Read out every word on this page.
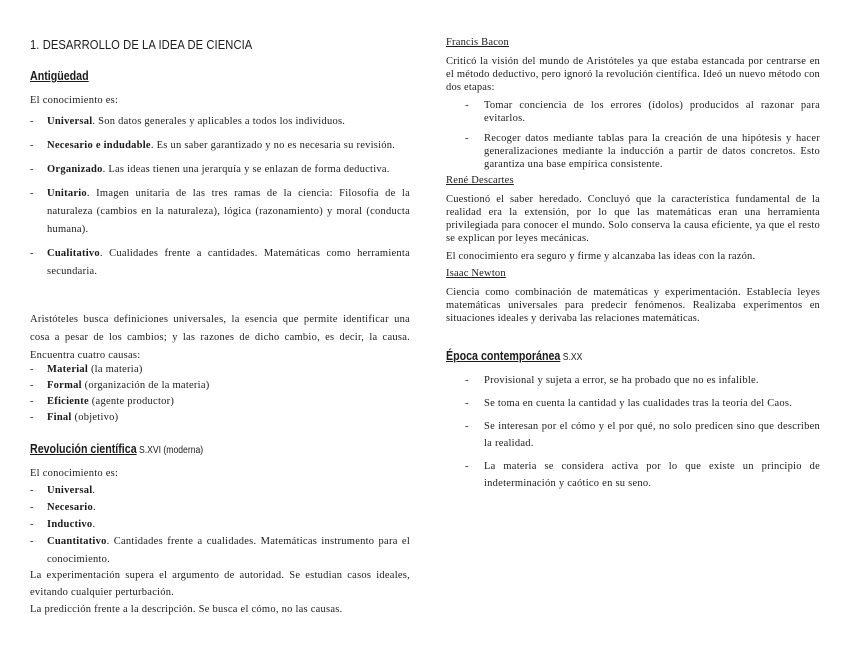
1. DESARROLLO DE LA IDEA DE CIENCIA
Antigüedad

El conocimiento es:

- Universal. Son datos generales y aplicables a todos los individuos.
- Necesario e indudable. Es un saber garantizado y no es necesaria su revisión.
- Organizado. Las ideas tienen una jerarquía y se enlazan de forma deductiva.
- Unitario. Imagen unitaria de las tres ramas de la ciencia: Filosofía de la naturaleza (cambios en la naturaleza), lógica (razonamiento) y moral (conducta humana).
- Cualitativo. Cualidades frente a cantidades. Matemáticas como herramienta secundaria.

Aristóteles busca definiciones universales, la esencia que permite identificar una cosa a pesar de los cambios; y las razones de dicho cambio, es decir, la causa. Encuentra cuatro causas:

- Material (la materia)
- Formal (organización de la materia)
- Eficiente (agente productor)
- Final (objetivo)
Revolución científica S.XVI (moderna)

El conocimiento es:

- Universal.
- Necesario.
- Inductivo.
- Cuantitativo. Cantidades frente a cualidades. Matemáticas instrumento para el conocimiento.

La experimentación supera el argumento de autoridad. Se estudian casos ideales, evitando cualquier perturbación.

La predicción frente a la descripción. Se busca el cómo, no las causas.

Francis Bacon

Criticó la visión del mundo de Aristóteles ya que estaba estancada por centrarse en el método deductivo, pero ignoró la revolución científica. Ideó un nuevo método con dos etapas:

- Tomar conciencia de los errores (ídolos) producidos al razonar para evitarlos.
- Recoger datos mediante tablas para la creación de una hipótesis y hacer generalizaciones mediante la inducción a partir de datos concretos. Esto garantiza una base empírica consistente.

René Descartes

Cuestionó el saber heredado. Concluyó que la característica fundamental de la realidad era la extensión, por lo que las matemáticas eran una herramienta privilegiada para conocer el mundo. Solo conserva la causa eficiente, ya que el resto se explican por leyes mecánicas.

El conocimiento era seguro y firme y alcanzaba las ideas con la razón.

Isaac Newton

Ciencia como combinación de matemáticas y experimentación. Establecía leyes matemáticas universales para predecir fenómenos. Realizaba experimentos en situaciones ideales y derivaba las relaciones matemáticas.

Época contemporánea S.XX
- Provisional y sujeta a error, se ha probado que no es infalible.
- Se toma en cuenta la cantidad y las cualidades tras la teoría del Caos.
- Se interesan por el cómo y el por qué, no solo predicen sino que describen la realidad.
- La materia se considera activa por lo que existe un principio de indeterminación y caótico en su seno.
